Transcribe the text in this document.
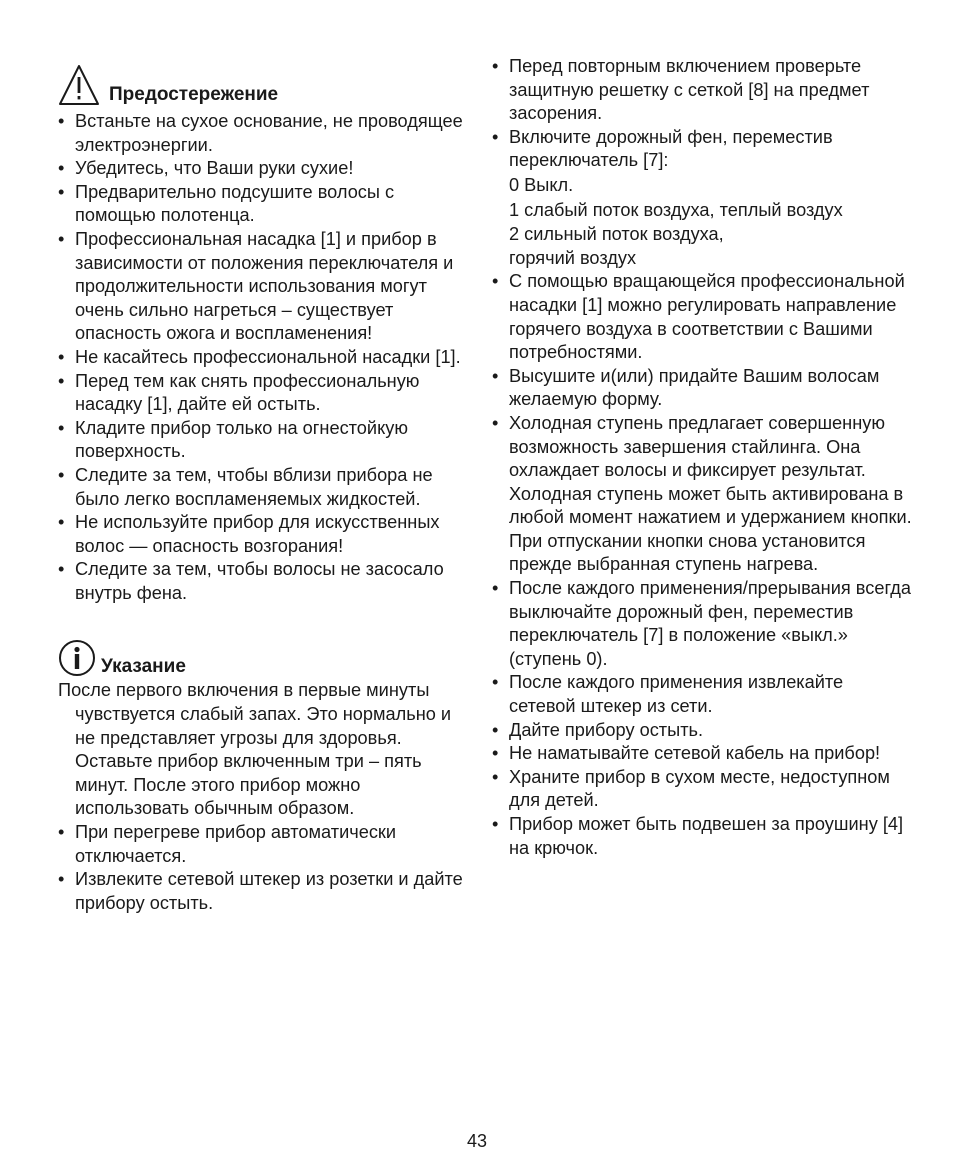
Предостережение
• Встаньте на сухое основание, не проводящее электроэнергии.
• Убедитесь, что Ваши руки сухие!
• Предварительно подсушите волосы с помощью полотенца.
• Профессиональная насадка [1] и прибор в зависимости от положения переключателя и продолжительности использования могут очень сильно нагреться – существует опасность ожога и воспламенения!
• Не касайтесь профессиональной насадки [1].
• Перед тем как снять профессиональную насадку [1], дайте ей остыть.
• Кладите прибор только на огнестойкую поверхность.
• Следите за тем, чтобы вблизи прибора не было легко воспламеняемых жидкостей.
• Не используйте прибор для искусственных волос — опасность возгорания!
• Следите за тем, чтобы волосы не засосало внутрь фена.
Указание
После первого включения в первые минуты чувствуется слабый запах. Это нормально и не представляет угрозы для здоровья. Оставьте прибор включенным три – пять минут. После этого прибор можно использовать обычным образом.
• При перегреве прибор автоматически отключается.
• Извлеките сетевой штекер из розетки и дайте прибору остыть.
• Перед повторным включением проверьте защитную решетку с сеткой [8] на предмет засорения.
• Включите дорожный фен, переместив переключатель [7]:
0 Выкл.
1 слабый поток воздуха, теплый воздух
2 сильный поток воздуха, горячий воздух
• С помощью вращающейся профессиональной насадки [1] можно регулировать направление горячего воздуха в соответствии с Вашими потребностями.
• Высушите и(или) придайте Вашим волосам желаемую форму.
• Холодная ступень предлагает совершенную возможность завершения стайлинга. Она охлаждает волосы и фиксирует результат. Холодная ступень может быть активирована в любой момент нажатием и удержанием кнопки. При отпускании кнопки снова установится прежде выбранная ступень нагрева.
• После каждого применения/прерывания всегда выключайте дорожный фен, переместив переключатель [7] в положение «выкл.» (ступень 0).
• После каждого применения извлекайте сетевой штекер из сети.
• Дайте прибору остыть.
• Не наматывайте сетевой кабель на прибор!
• Храните прибор в сухом месте, недоступном для детей.
• Прибор может быть подвешен за проушину [4] на крючок.
43
